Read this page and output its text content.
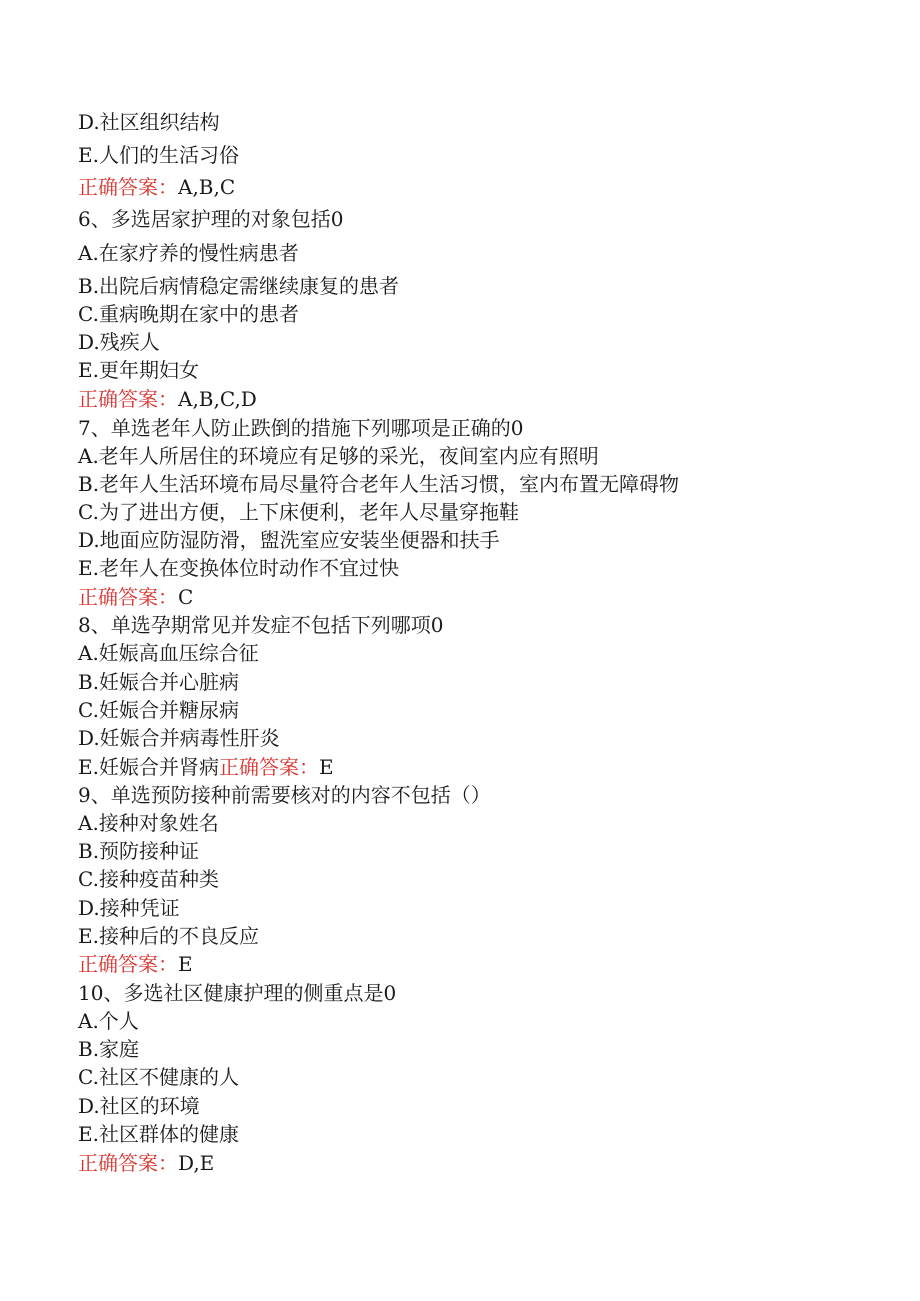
D.社区组织结构
E.人们的生活习俗
正确答案：A,B,C
6、多选居家护理的对象包括0
A.在家疗养的慢性病患者
B.出院后病情稳定需继续康复的患者
C.重病晚期在家中的患者
D.残疾人
E.更年期妇女
正确答案：A,B,C,D
7、单选老年人防止跌倒的措施下列哪项是正确的0
A.老年人所居住的环境应有足够的采光，夜间室内应有照明
B.老年人生活环境布局尽量符合老年人生活习惯，室内布置无障碍物
C.为了进出方便，上下床便利，老年人尽量穿拖鞋
D.地面应防湿防滑，盥洗室应安装坐便器和扶手
E.老年人在变换体位时动作不宜过快
正确答案：C
8、单选孕期常见并发症不包括下列哪项0
A.妊娠高血压综合征
B.妊娠合并心脏病
C.妊娠合并糖尿病
D.妊娠合并病毒性肝炎
E.妊娠合并肾病正确答案：E
9、单选预防接种前需要核对的内容不包括（）
A.接种对象姓名
B.预防接种证
C.接种疫苗种类
D.接种凭证
E.接种后的不良反应
正确答案：E
10、多选社区健康护理的侧重点是0
A.个人
B.家庭
C.社区不健康的人
D.社区的环境
E.社区群体的健康
正确答案：D,E
